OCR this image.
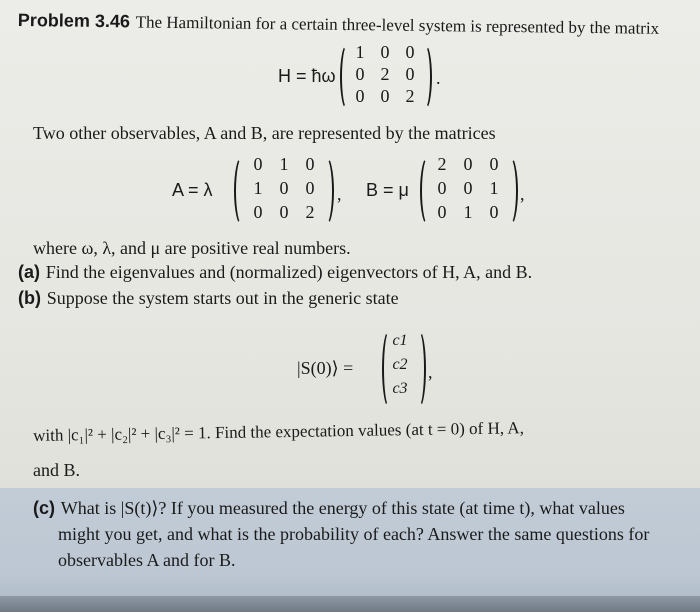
Problem 3.46 The Hamiltonian for a certain three-level system is represented by the matrix
H = ħω
1 0 0
0 2 0
0 0 2
.
Two other observables, A and B, are represented by the matrices
A = λ
0 1 0
1 0 0
0 0 2
, B = μ
2 0 0
0 0 1
0 1 0
,
where ω, λ, and μ are positive real numbers.
(a) Find the eigenvalues and (normalized) eigenvectors of H, A, and B.
(b) Suppose the system starts out in the generic state
|S(0)⟩ =
c1
c2
c3
,
with |c₁|² + |c₂|² + |c₃|² = 1. Find the expectation values (at t = 0) of H, A,
and B.
(c) What is |S(t)⟩? If you measured the energy of this state (at time t), what values
might you get, and what is the probability of each? Answer the same questions for
observables A and for B.
